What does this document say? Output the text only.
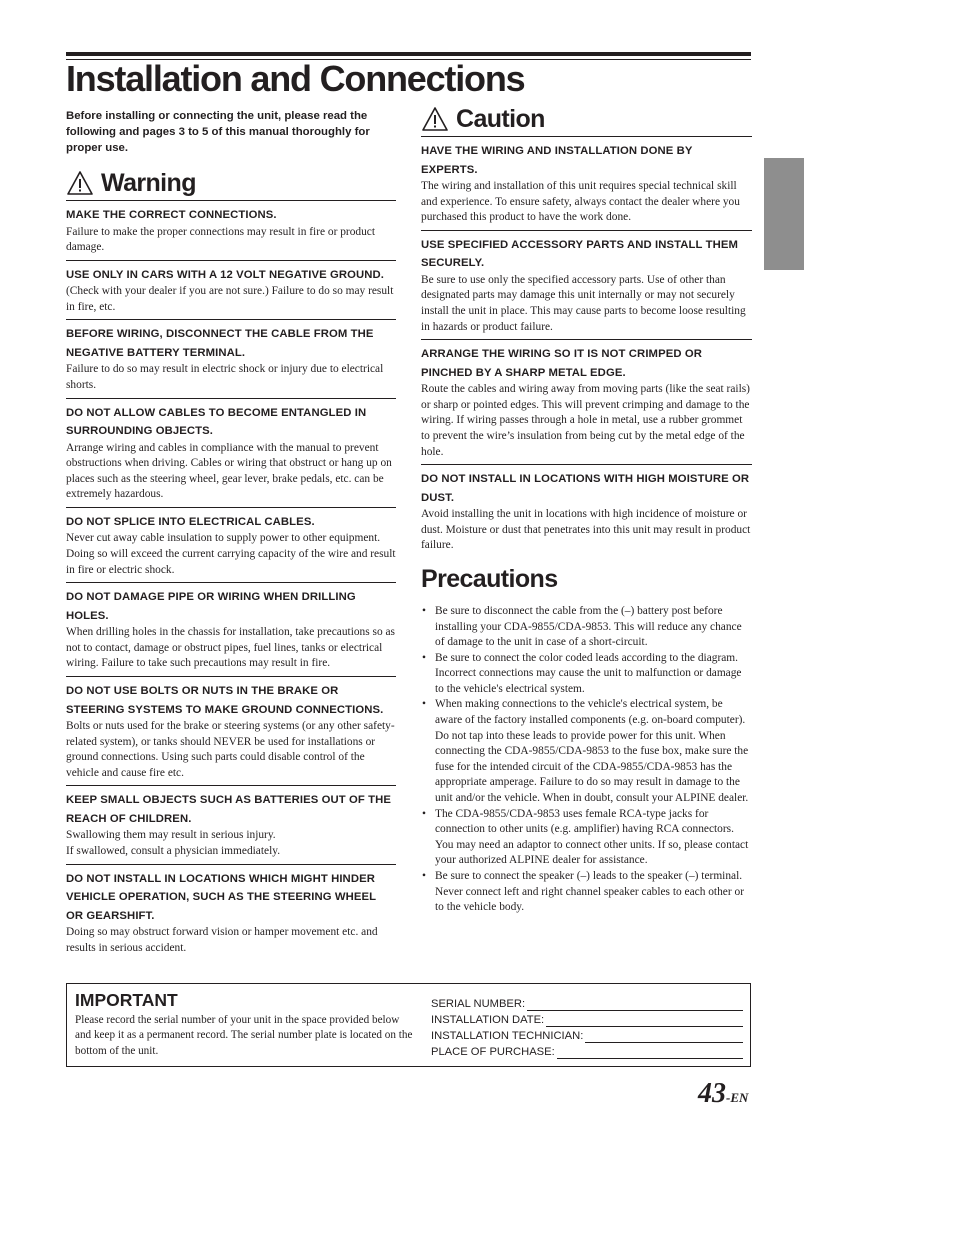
Installation and Connections

Before installing or connecting the unit, please read the following and pages 3 to 5 of this manual thoroughly for proper use.

Warning
MAKE THE CORRECT CONNECTIONS.
Failure to make the proper connections may result in fire or product damage.
USE ONLY IN CARS WITH A 12 VOLT NEGATIVE GROUND.
(Check with your dealer if you are not sure.) Failure to do so may result in fire, etc.
BEFORE WIRING, DISCONNECT THE CABLE FROM THE NEGATIVE BATTERY TERMINAL.
Failure to do so may result in electric shock or injury due to electrical shorts.
DO NOT ALLOW CABLES TO BECOME ENTANGLED IN SURROUNDING OBJECTS.
Arrange wiring and cables in compliance with the manual to prevent obstructions when driving. Cables or wiring that obstruct or hang up on places such as the steering wheel, gear lever, brake pedals, etc. can be extremely hazardous.
DO NOT SPLICE INTO ELECTRICAL CABLES.
Never cut away cable insulation to supply power to other equipment. Doing so will exceed the current carrying capacity of the wire and result in fire or electric shock.
DO NOT DAMAGE PIPE OR WIRING WHEN DRILLING HOLES.
When drilling holes in the chassis for installation, take precautions so as not to contact, damage or obstruct pipes, fuel lines, tanks or electrical wiring. Failure to take such precautions may result in fire.
DO NOT USE BOLTS OR NUTS IN THE BRAKE OR STEERING SYSTEMS TO MAKE GROUND CONNECTIONS.
Bolts or nuts used for the brake or steering systems (or any other safety-related system), or tanks should NEVER be used for installations or ground connections. Using such parts could disable control of the vehicle and cause fire etc.
KEEP SMALL OBJECTS SUCH AS BATTERIES OUT OF THE REACH OF CHILDREN.
Swallowing them may result in serious injury.
If swallowed, consult a physician immediately.
DO NOT INSTALL IN LOCATIONS WHICH MIGHT HINDER VEHICLE OPERATION, SUCH AS THE STEERING WHEEL OR GEARSHIFT.
Doing so may obstruct forward vision or hamper movement etc. and results in serious accident.
Caution
HAVE THE WIRING AND INSTALLATION DONE BY EXPERTS.
The wiring and installation of this unit requires special technical skill and experience. To ensure safety, always contact the dealer where you purchased this product to have the work done.
USE SPECIFIED ACCESSORY PARTS AND INSTALL THEM SECURELY.
Be sure to use only the specified accessory parts. Use of other than designated parts may damage this unit internally or may not securely install the unit in place. This may cause parts to become loose resulting in hazards or product failure.
ARRANGE THE WIRING SO IT IS NOT CRIMPED OR PINCHED BY A SHARP METAL EDGE.
Route the cables and wiring away from moving parts (like the seat rails) or sharp or pointed edges. This will prevent crimping and damage to the wiring. If wiring passes through a hole in metal, use a rubber grommet to prevent the wire’s insulation from being cut by the metal edge of the hole.
DO NOT INSTALL IN LOCATIONS WITH HIGH MOISTURE OR DUST.
Avoid installing the unit in locations with high incidence of moisture or dust. Moisture or dust that penetrates into this unit may result in product failure.
Precautions
• Be sure to disconnect the cable from the (–) battery post before installing your CDA-9855/CDA-9853. This will reduce any chance of damage to the unit in case of a short-circuit.
• Be sure to connect the color coded leads according to the diagram. Incorrect connections may cause the unit to malfunction or damage to the vehicle's electrical system.
• When making connections to the vehicle's electrical system, be aware of the factory installed components (e.g. on-board computer). Do not tap into these leads to provide power for this unit. When connecting the CDA-9855/CDA-9853 to the fuse box, make sure the fuse for the intended circuit of the CDA-9855/CDA-9853 has the appropriate amperage. Failure to do so may result in damage to the unit and/or the vehicle. When in doubt, consult your ALPINE dealer.
• The CDA-9855/CDA-9853 uses female RCA-type jacks for connection to other units (e.g. amplifier) having RCA connectors. You may need an adaptor to connect other units. If so, please contact your authorized ALPINE dealer for assistance.
• Be sure to connect the speaker (–) leads to the speaker (–) terminal. Never connect left and right channel speaker cables to each other or to the vehicle body.
IMPORTANT
Please record the serial number of your unit in the space provided below and keep it as a permanent record. The serial number plate is located on the bottom of the unit.
SERIAL NUMBER:
INSTALLATION DATE:
INSTALLATION TECHNICIAN:
PLACE OF PURCHASE:
43-EN
